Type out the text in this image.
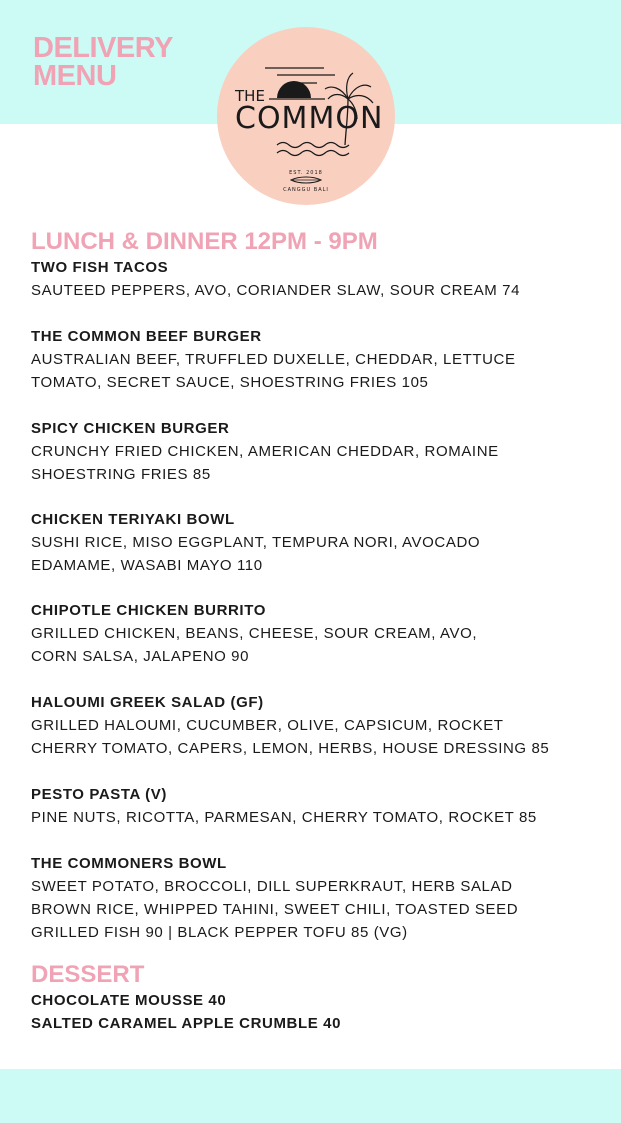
DELIVERY
MENU
THE
COMMON
EST. 2018
CANGGU BALI
LUNCH & DINNER 12PM - 9PM

TWO FISH TACOS

SAUTEED PEPPERS, AVO, CORIANDER SLAW, SOUR CREAM 74

THE COMMON BEEF BURGER

AUSTRALIAN BEEF, TRUFFLED DUXELLE, CHEDDAR, LETTUCE

TOMATO, SECRET SAUCE, SHOESTRING FRIES 105

SPICY CHICKEN BURGER

CRUNCHY FRIED CHICKEN, AMERICAN CHEDDAR, ROMAINE

SHOESTRING FRIES 85

CHICKEN TERIYAKI BOWL

SUSHI RICE, MISO EGGPLANT, TEMPURA NORI, AVOCADO

EDAMAME, WASABI MAYO 110

CHIPOTLE CHICKEN BURRITO

GRILLED CHICKEN, BEANS, CHEESE, SOUR CREAM, AVO,

CORN SALSA, JALAPENO 90

HALOUMI GREEK SALAD (GF)

GRILLED HALOUMI, CUCUMBER, OLIVE, CAPSICUM, ROCKET

CHERRY TOMATO, CAPERS, LEMON, HERBS, HOUSE DRESSING 85

PESTO PASTA (V)

PINE NUTS, RICOTTA, PARMESAN, CHERRY TOMATO, ROCKET 85

THE COMMONERS BOWL

SWEET POTATO, BROCCOLI, DILL SUPERKRAUT, HERB SALAD

BROWN RICE, WHIPPED TAHINI, SWEET CHILI, TOASTED SEED

GRILLED FISH 90 | BLACK PEPPER TOFU 85 (VG)

DESSERT

CHOCOLATE MOUSSE 40

SALTED CARAMEL APPLE CRUMBLE 40
